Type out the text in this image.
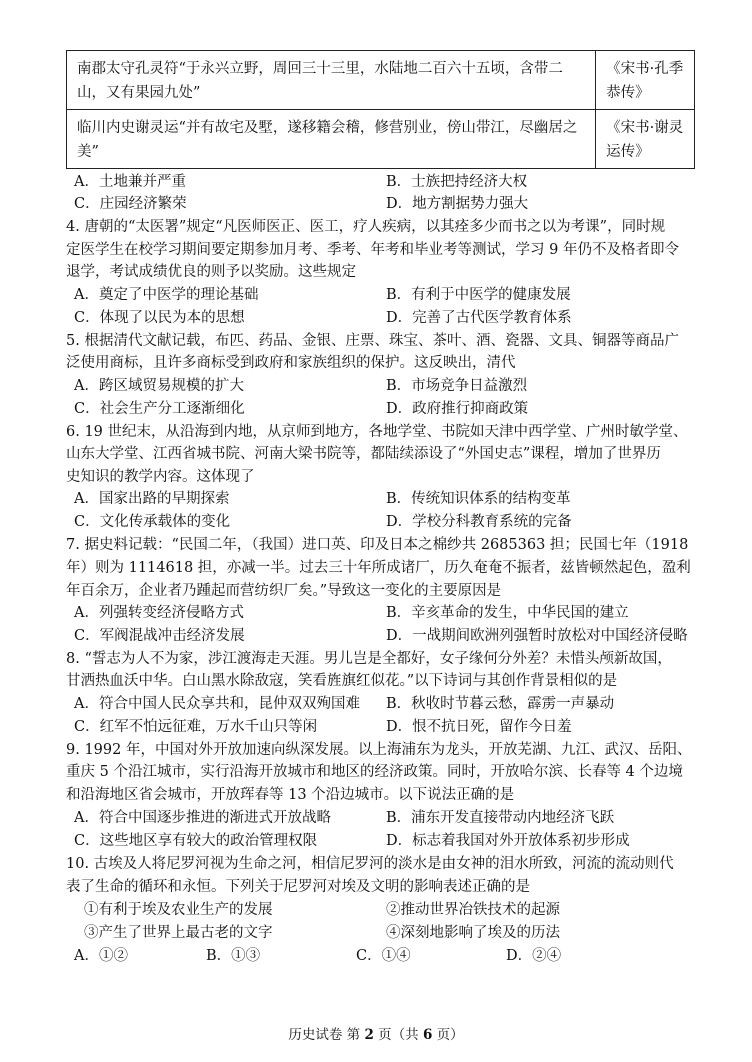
南郡太守孔灵符“于永兴立野，周回三十三里，水陆地二百六十五顷，含带二山，又有果园九处”	《宋书·孔季恭传》
临川内史谢灵运“并有故宅及墅，遂移籍会稽，修营别业，傍山带江，尽幽居之美”	《宋书·谢灵运传》
A．土地兼并严重	B．士族把持经济大权
C．庄园经济繁荣	D．地方割据势力强大
4. 唐朝的“太医署”规定“凡医师医正、医工，疗人疾病，以其痊多少而书之以为考课”，同时规
定医学生在校学习期间要定期参加月考、季考、年考和毕业考等测试，学习 9 年仍不及格者即令
退学，考试成绩优良的则予以奖励。这些规定
A．奠定了中医学的理论基础	B．有利于中医学的健康发展
C．体现了以民为本的思想	D．完善了古代医学教育体系
5. 根据清代文献记载，布匹、药品、金银、庄票、珠宝、茶叶、酒、瓷器、文具、铜器等商品广
泛使用商标，且许多商标受到政府和家族组织的保护。这反映出，清代
A．跨区域贸易规模的扩大	B．市场竞争日益激烈
C．社会生产分工逐渐细化	D．政府推行抑商政策
6. 19 世纪末，从沿海到内地，从京师到地方，各地学堂、书院如天津中西学堂、广州时敏学堂、
山东大学堂、江西省城书院、河南大梁书院等，都陆续添设了“外国史志”课程，增加了世界历
史知识的教学内容。这体现了
A．国家出路的早期探索	B．传统知识体系的结构变革
C．文化传承载体的变化	D．学校分科教育系统的完备
7. 据史料记载：“民国二年，（我国）进口英、印及日本之棉纱共 2685363 担；民国七年（1918
年）则为 1114618 担，亦减一半。过去三十年所成诸厂，历久奄奄不振者，兹皆顿然起色，盈利
年百余万，企业者乃踵起而营纺织厂矣。”导致这一变化的主要原因是
A．列强转变经济侵略方式	B．辛亥革命的发生，中华民国的建立
C．军阀混战冲击经济发展	D．一战期间欧洲列强暂时放松对中国经济侵略
8. “誓志为人不为家，涉江渡海走天涯。男儿岂是全都好，女子缘何分外差？未惜头颅新故国，
甘洒热血沃中华。白山黑水除敌寇，笑看旌旗红似花。”以下诗词与其创作背景相似的是
A．符合中国人民众享共和，昆仲双双殉国难 B．秋收时节暮云愁，霹雳一声暴动
C．红军不怕远征难，万水千山只等闲	D．恨不抗日死，留作今日羞
9. 1992 年，中国对外开放加速向纵深发展。以上海浦东为龙头，开放芜湖、九江、武汉、岳阳、
重庆 5 个沿江城市，实行沿海开放城市和地区的经济政策。同时，开放哈尔滨、长春等 4 个边境
和沿海地区省会城市，开放珲春等 13 个沿边城市。以下说法正确的是
A．符合中国逐步推进的渐进式开放战略	B．浦东开发直接带动内地经济飞跃
C．这些地区享有较大的政治管理权限	D．标志着我国对外开放体系初步形成
10. 古埃及人将尼罗河视为生命之河，相信尼罗河的淡水是由女神的泪水所致，河流的流动则代
表了生命的循环和永恒。下列关于尼罗河对埃及文明的影响表述正确的是
①有利于埃及农业生产的发展	②推动世界冶铁技术的起源
③产生了世界上最古老的文字	④深刻地影响了埃及的历法
A．①②	B．①③	C．①④	D．②④
历史试卷 第 2 页（共 6 页）
